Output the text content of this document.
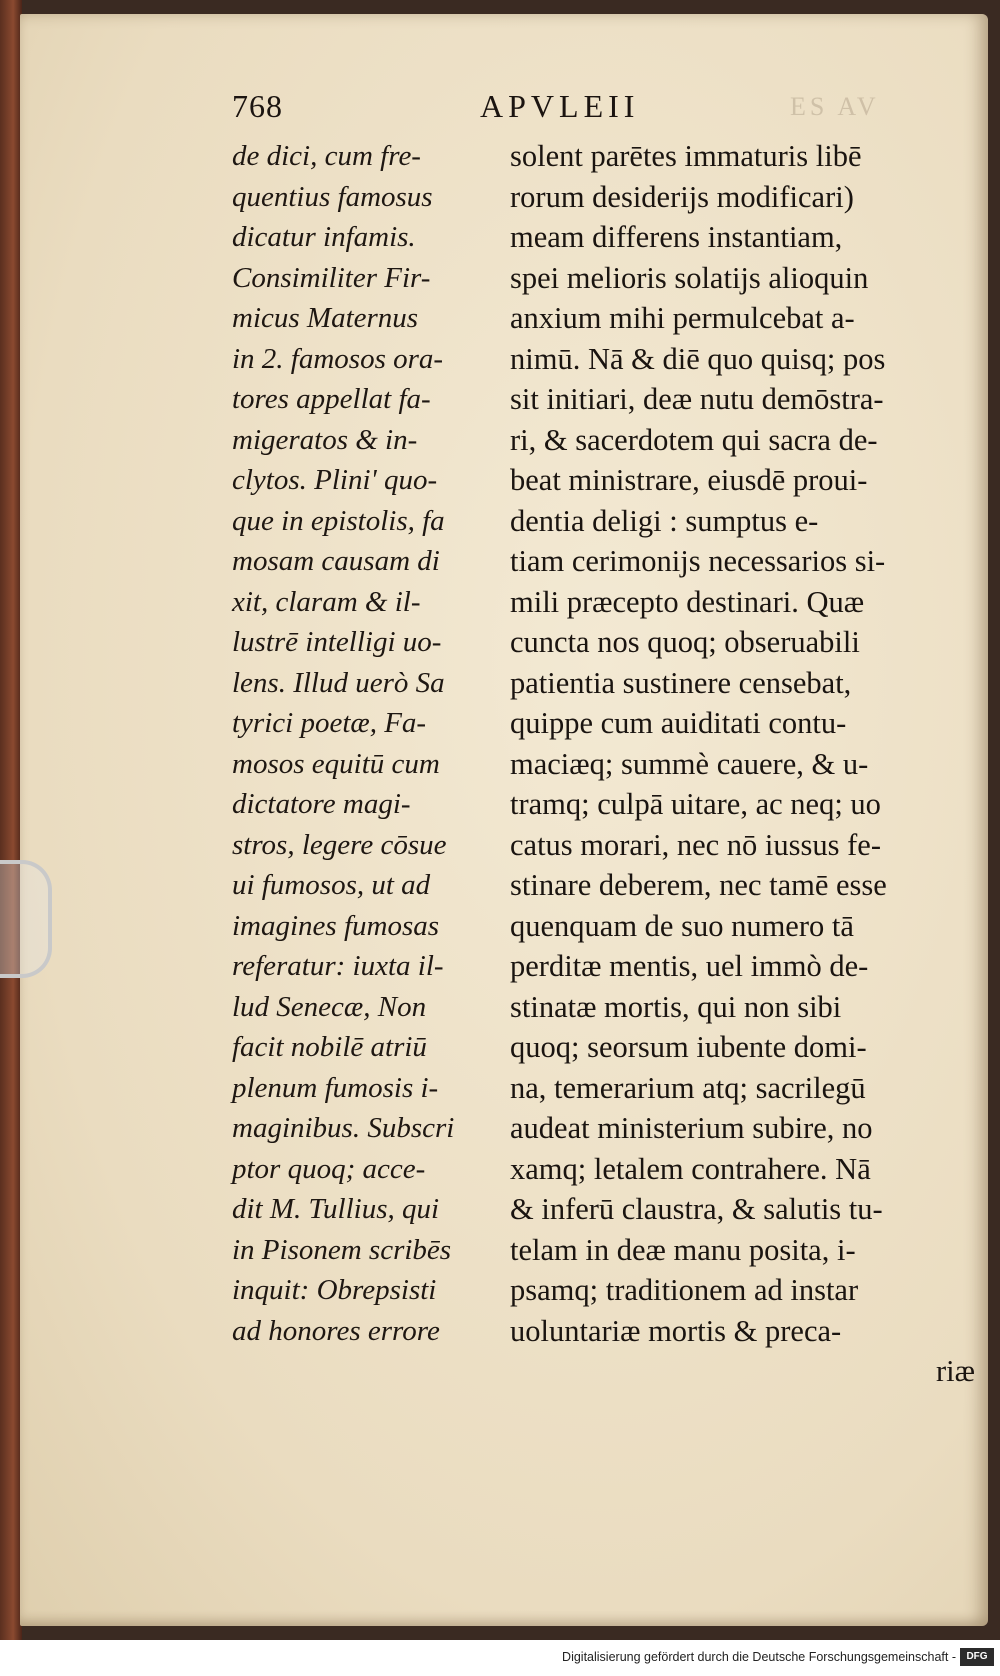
768	APVLEII	ES AV
de dici, cum fre-
quentius famosus
dicatur infamis.
Consimiliter Fir-
micus Maternus
in 2. famosos ora-
tores appellat fa-
migeratos & in-
clytos. Plini' quo-
que in epistolis, fa
mosam causam di
xit, claram & il-
lustrē intelligi uo-
lens. Illud uerò Sa
tyrici poetæ, Fa-
mosos equitū cum
dictatore magi-
stros, legere cōsue
ui fumosos, ut ad
imagines fumosas
referatur: iuxta il-
lud Senecæ, Non
facit nobilē atriū
plenum fumosis i-
maginibus. Subscri
ptor quoq; acce-
dit M. Tullius, qui
in Pisonem scribēs
inquit: Obrepsisti
ad honores errore
solent parētes immaturis libē
rorum desiderijs modificari)
meam differens instantiam,
spei melioris solatijs alioquin
anxium mihi permulcebat a-
nimū. Nā & diē quo quisq; pos
sit initiari, deæ nutu demōstra-
ri, & sacerdotem qui sacra de-
beat ministrare, eiusdē proui-
dentia deligi : sumptus e-
tiam cerimonijs necessarios si-
mili præcepto destinari. Quæ
cuncta nos quoq; obseruabili
patientia sustinere censebat,
quippe cum auiditati contu-
maciæq; summè cauere, & u-
tramq; culpā uitare, ac neq; uo
catus morari, nec nō iussus fe-
stinare deberem, nec tamē esse
quenquam de suo numero tā
perditæ mentis, uel immò de-
stinatæ mortis, qui non sibi
quoq; seorsum iubente domi-
na, temerarium atq; sacrilegū
audeat ministerium subire, no
xamq; letalem contrahere. Nā
& inferū claustra, & salutis tu-
telam in deæ manu posita, i-
psamq; traditionem ad instar
uoluntariæ mortis & preca-
riæ
Digitalisierung gefördert durch die Deutsche Forschungsgemeinschaft -	DFG
